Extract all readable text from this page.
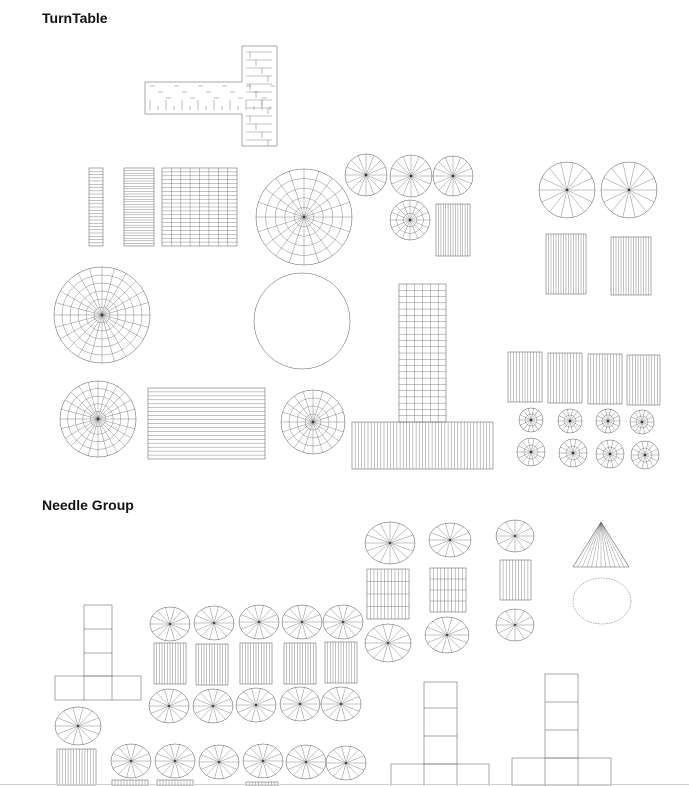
TurnTable
Needle Group
